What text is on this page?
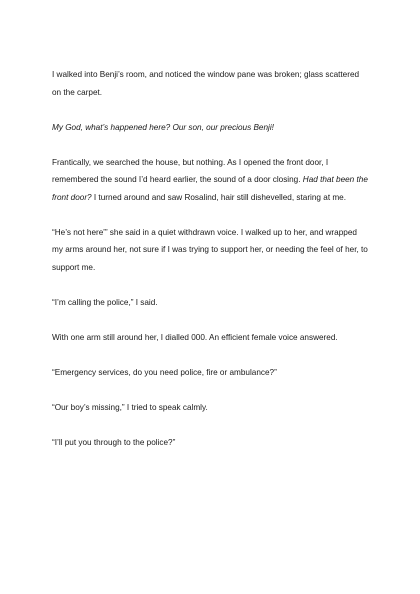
I walked into Benji’s room, and noticed the window pane was broken; glass scattered on the carpet.

My God, what’s happened here? Our son, our precious Benji!

Frantically, we searched the house, but nothing. As I opened the front door, I remembered the sound I’d heard earlier, the sound of a door closing. Had that been the front door? I turned around and saw Rosalind, hair still dishevelled, staring at me.

“He’s not here”’ she said in a quiet withdrawn voice. I walked up to her, and wrapped my arms around her, not sure if I was trying to support her, or needing the feel of her, to support me.

“I’m calling the police,” I said.

With one arm still around her, I dialled 000. An efficient female voice answered.

“Emergency services, do you need police, fire or ambulance?”

“Our boy’s missing,” I tried to speak calmly.

“I’ll put you through to the police?”
